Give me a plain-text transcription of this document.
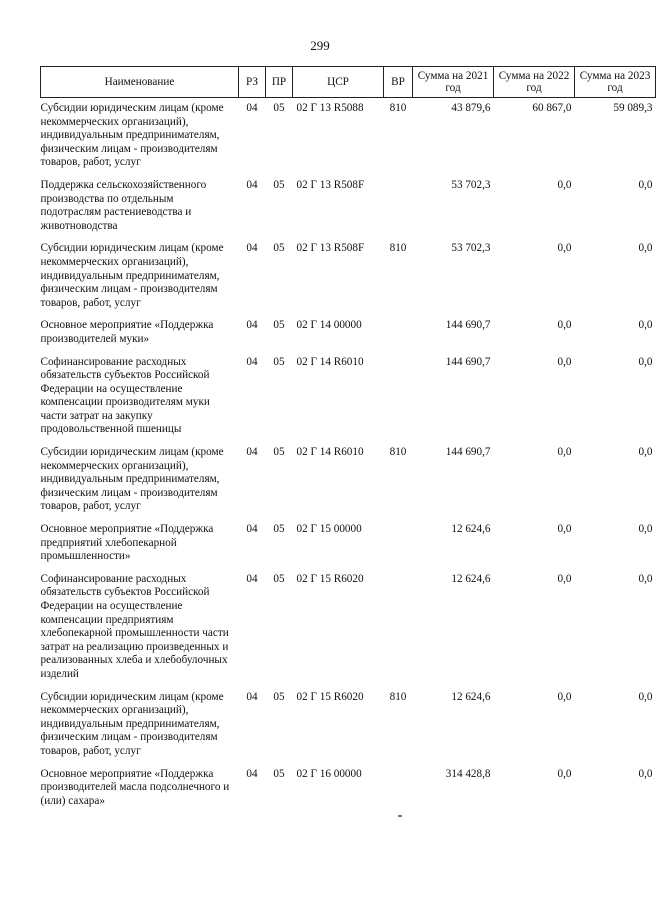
299
Наименование	РЗ	ПР	ЦСР	ВР	Сумма на 2021 год	Сумма на 2022 год	Сумма на 2023 год
Субсидии юридическим лицам (кроме некоммерческих организаций), индивидуальным предпринимателям, физическим лицам - производителям товаров, работ, услуг	04	05	02 Г 13 R5088	810	43 879,6	60 867,0	59 089,3
Поддержка сельскохозяйственного производства по отдельным подотраслям растениеводства и животноводства	04	05	02 Г 13 R508F		53 702,3	0,0	0,0
Субсидии юридическим лицам (кроме некоммерческих организаций), индивидуальным предпринимателям, физическим лицам - производителям товаров, работ, услуг	04	05	02 Г 13 R508F	810	53 702,3	0,0	0,0
Основное мероприятие «Поддержка производителей муки»	04	05	02 Г 14 00000		144 690,7	0,0	0,0
Софинансирование расходных обязательств субъектов Российской Федерации на осуществление компенсации производителям муки части затрат на закупку продовольственной пшеницы	04	05	02 Г 14 R6010		144 690,7	0,0	0,0
Субсидии юридическим лицам (кроме некоммерческих организаций), индивидуальным предпринимателям, физическим лицам - производителям товаров, работ, услуг	04	05	02 Г 14 R6010	810	144 690,7	0,0	0,0
Основное мероприятие «Поддержка предприятий хлебопекарной промышленности»	04	05	02 Г 15 00000		12 624,6	0,0	0,0
Софинансирование расходных обязательств субъектов Российской Федерации на осуществление компенсации предприятиям хлебопекарной промышленности части затрат на реализацию произведенных и реализованных хлеба и хлебобулочных изделий	04	05	02 Г 15 R6020		12 624,6	0,0	0,0
Субсидии юридическим лицам (кроме некоммерческих организаций), индивидуальным предпринимателям, физическим лицам - производителям товаров, работ, услуг	04	05	02 Г 15 R6020	810	12 624,6	0,0	0,0
Основное мероприятие «Поддержка производителей масла подсолнечного и (или) сахара»	04	05	02 Г 16 00000		314 428,8	0,0	0,0
